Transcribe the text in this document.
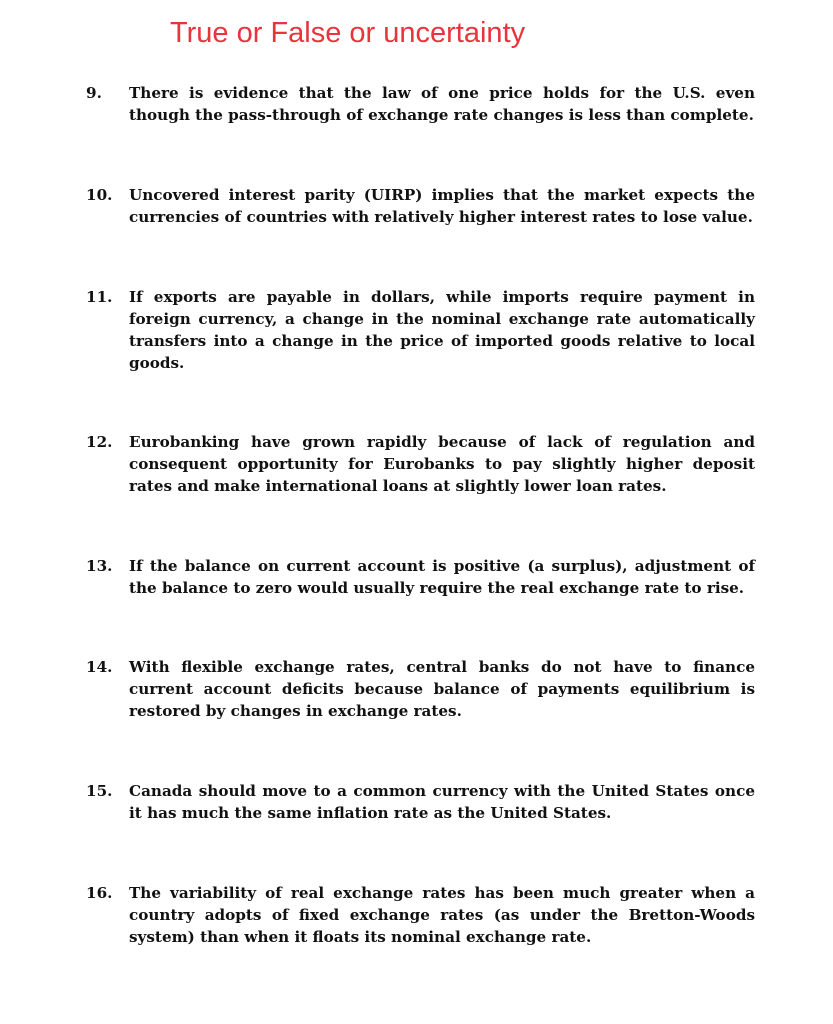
True or False or uncertainty
9. There is evidence that the law of one price holds for the U.S. even though the pass-through of exchange rate changes is less than complete.
10. Uncovered interest parity (UIRP) implies that the market expects the currencies of countries with relatively higher interest rates to lose value.
11. If exports are payable in dollars, while imports require payment in foreign currency, a change in the nominal exchange rate automatically transfers into a change in the price of imported goods relative to local goods.
12. Eurobanking have grown rapidly because of lack of regulation and consequent opportunity for Eurobanks to pay slightly higher deposit rates and make international loans at slightly lower loan rates.
13. If the balance on current account is positive (a surplus), adjustment of the balance to zero would usually require the real exchange rate to rise.
14. With flexible exchange rates, central banks do not have to finance current account deficits because balance of payments equilibrium is restored by changes in exchange rates.
15. Canada should move to a common currency with the United States once it has much the same inflation rate as the United States.
16. The variability of real exchange rates has been much greater when a country adopts of fixed exchange rates (as under the Bretton-Woods system) than when it floats its nominal exchange rate.
